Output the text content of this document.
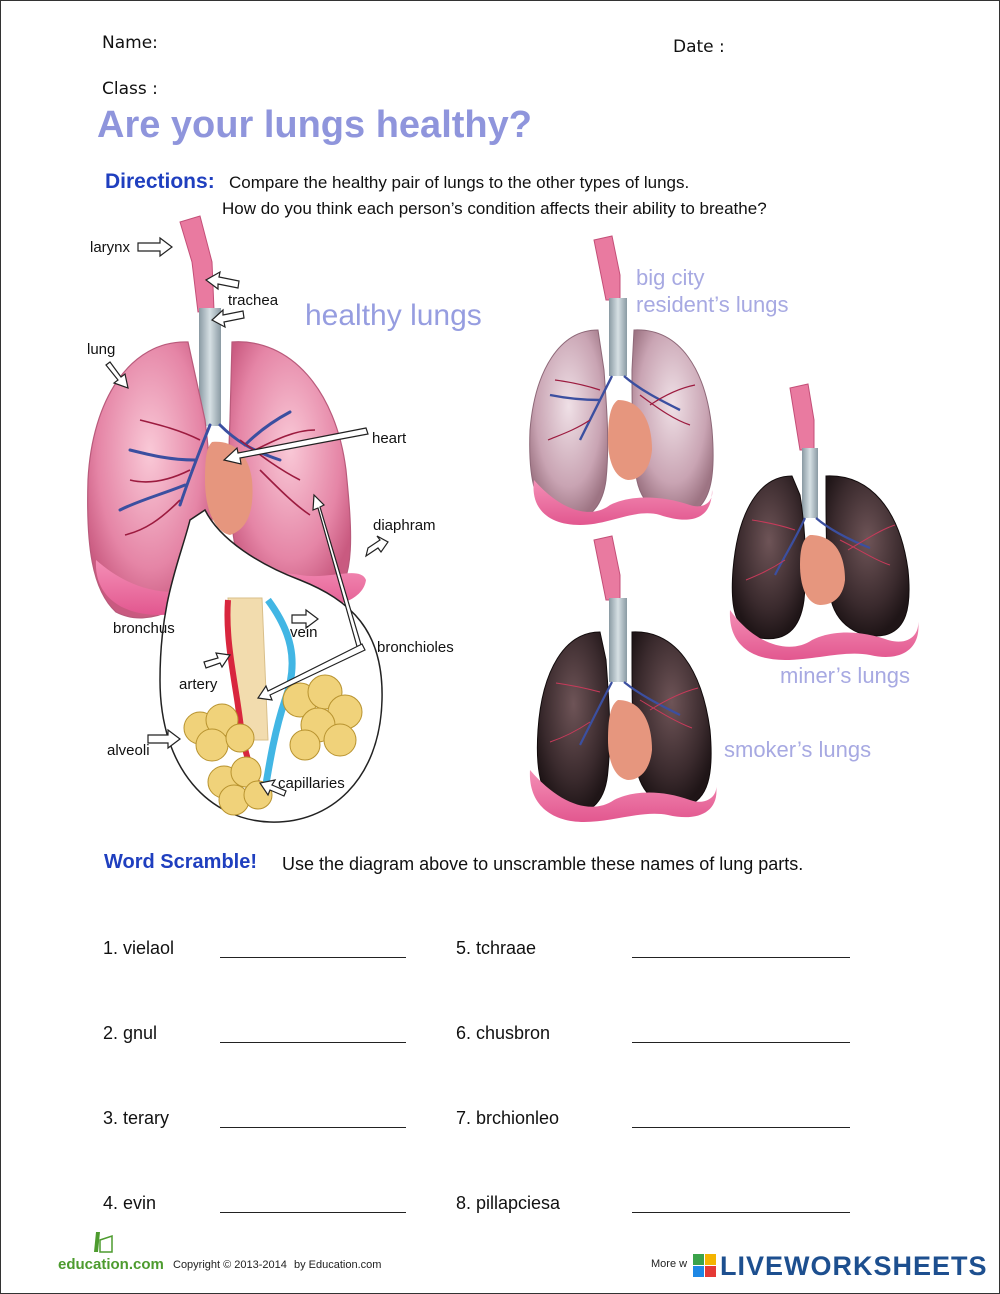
Name:	Date :
Class :
Are your lungs healthy?
Directions: Compare the healthy pair of lungs to the other types of lungs.
How do you think each person’s condition affects their ability to breathe?
healthy lungs
larynx
trachea
lung
heart
diaphram
bronchus	vein
bronchioles
artery
alveoli
capillaries
big city
resident’s lungs
miner’s lungs
smoker’s lungs
Word Scramble! Use the diagram above to unscramble these names of lung parts.
1. vielaol
2. gnul
3. terary
4. evin
5. tchraae
6. chusbron
7. brchionleo
8. pillapciesa
education.com Copyright © 2013-2014 by Education.com	More w LIVEWORKSHEETS
